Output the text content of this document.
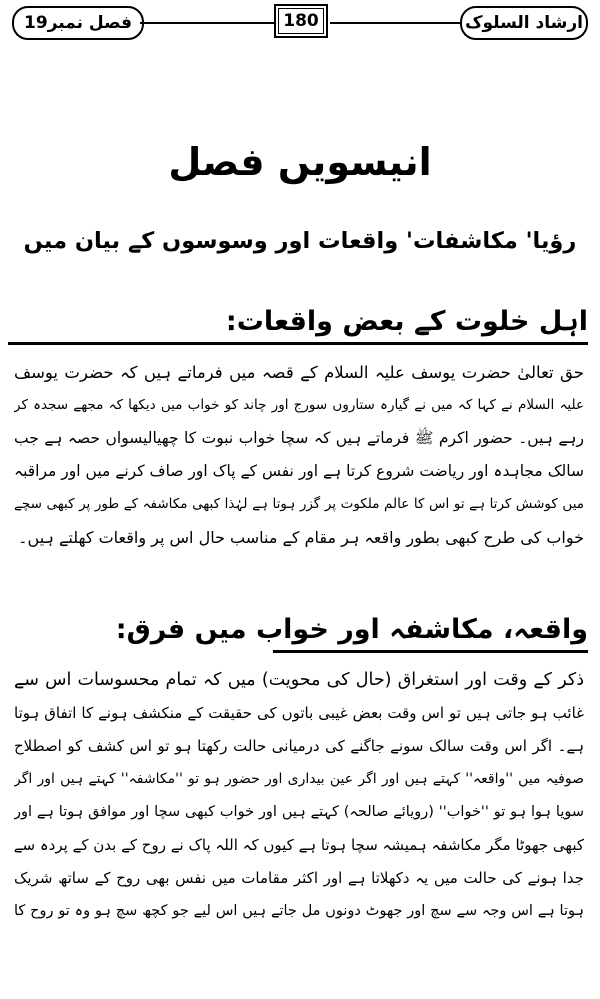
فصل نمبر19	180	ارشاد السلوک
انیسویں فصل
رؤیا' مکاشفات' واقعات اور وسوسوں کے بیان میں
اہل خلوت کے بعض واقعات:
حق تعالیٰ حضرت یوسف علیہ السلام کے قصہ میں فرماتے ہیں کہ حضرت یوسف
علیہ السلام نے کہا کہ میں نے گیارہ ستاروں سورج اور چاند کو خواب میں دیکھا کہ مجھے سجدہ کر
رہے ہیں۔ حضور اکرم ﷺ فرماتے ہیں کہ سچا خواب نبوت کا چھیالیسواں حصہ ہے جب
سالک مجاہدہ اور ریاضت شروع کرتا ہے اور نفس کے پاک اور صاف کرنے میں اور مراقبہ
میں کوشش کرتا ہے تو اس کا عالم ملکوت پر گزر ہوتا ہے لہٰذا کبھی مکاشفہ کے طور پر کبھی سچے
خواب کی طرح کبھی بطور واقعہ ہر مقام کے مناسب حال اس پر واقعات کھلتے ہیں۔
واقعہ، مکاشفہ اور خواب میں فرق:
ذکر کے وقت اور استغراق (حال کی محویت) میں کہ تمام محسوسات اس سے
غائب ہو جاتی ہیں تو اس وقت بعض غیبی باتوں کی حقیقت کے منکشف ہونے کا اتفاق ہوتا
ہے۔ اگر اس وقت سالک سونے جاگنے کی درمیانی حالت رکھتا ہو تو اس کشف کو اصطلاح
صوفیہ میں ''واقعہ'' کہتے ہیں اور اگر عین بیداری اور حضور ہو تو ''مکاشفہ'' کہتے ہیں اور اگر
سویا ہوا ہو تو ''خواب'' (رویائے صالحہ) کہتے ہیں اور خواب کبھی سچا اور موافق ہوتا ہے اور
کبھی جھوٹا مگر مکاشفہ ہمیشہ سچا ہوتا ہے کیوں کہ اللہ پاک نے روح کے بدن کے پردہ سے
جدا ہونے کی حالت میں یہ دکھلاتا ہے اور اکثر مقامات میں نفس بھی روح کے ساتھ شریک
ہوتا ہے اس وجہ سے سچ اور جھوٹ دونوں مل جاتے ہیں اس لیے جو کچھ سچ ہو وہ تو روح کا
